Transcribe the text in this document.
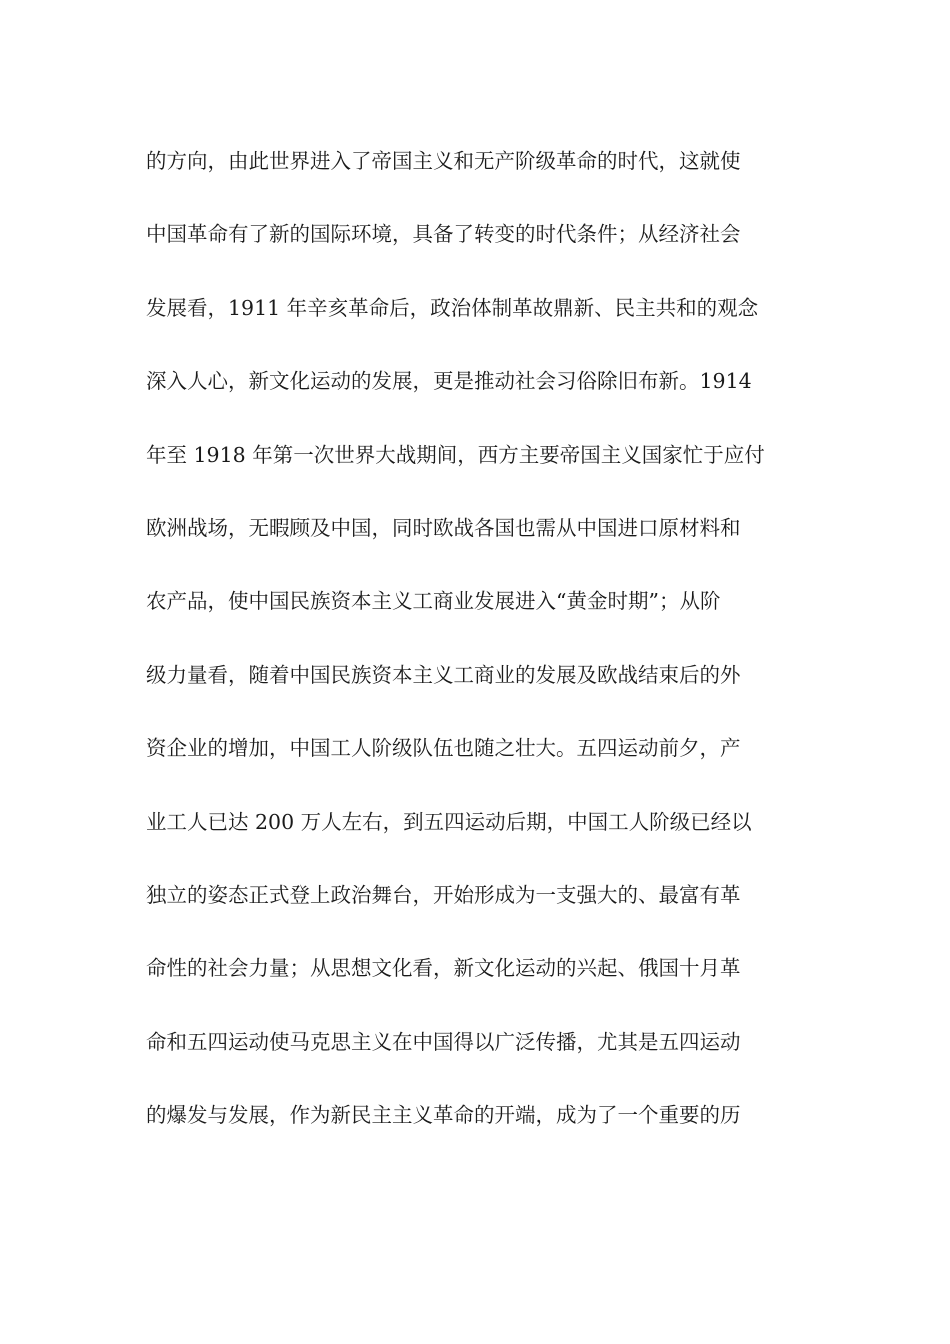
的方向，由此世界进入了帝国主义和无产阶级革命的时代，这就使
中国革命有了新的国际环境，具备了转变的时代条件；从经济社会
发展看，1911 年辛亥革命后，政治体制革故鼎新、民主共和的观念
深入人心，新文化运动的发展，更是推动社会习俗除旧布新。1914
年至 1918 年第一次世界大战期间，西方主要帝国主义国家忙于应付
欧洲战场，无暇顾及中国，同时欧战各国也需从中国进口原材料和
农产品，使中国民族资本主义工商业发展进入“黄金时期”；从阶
级力量看，随着中国民族资本主义工商业的发展及欧战结束后的外
资企业的增加，中国工人阶级队伍也随之壮大。五四运动前夕，产
业工人已达 200 万人左右，到五四运动后期，中国工人阶级已经以
独立的姿态正式登上政治舞台，开始形成为一支强大的、最富有革
命性的社会力量；从思想文化看，新文化运动的兴起、俄国十月革
命和五四运动使马克思主义在中国得以广泛传播，尤其是五四运动
的爆发与发展，作为新民主主义革命的开端，成为了一个重要的历
